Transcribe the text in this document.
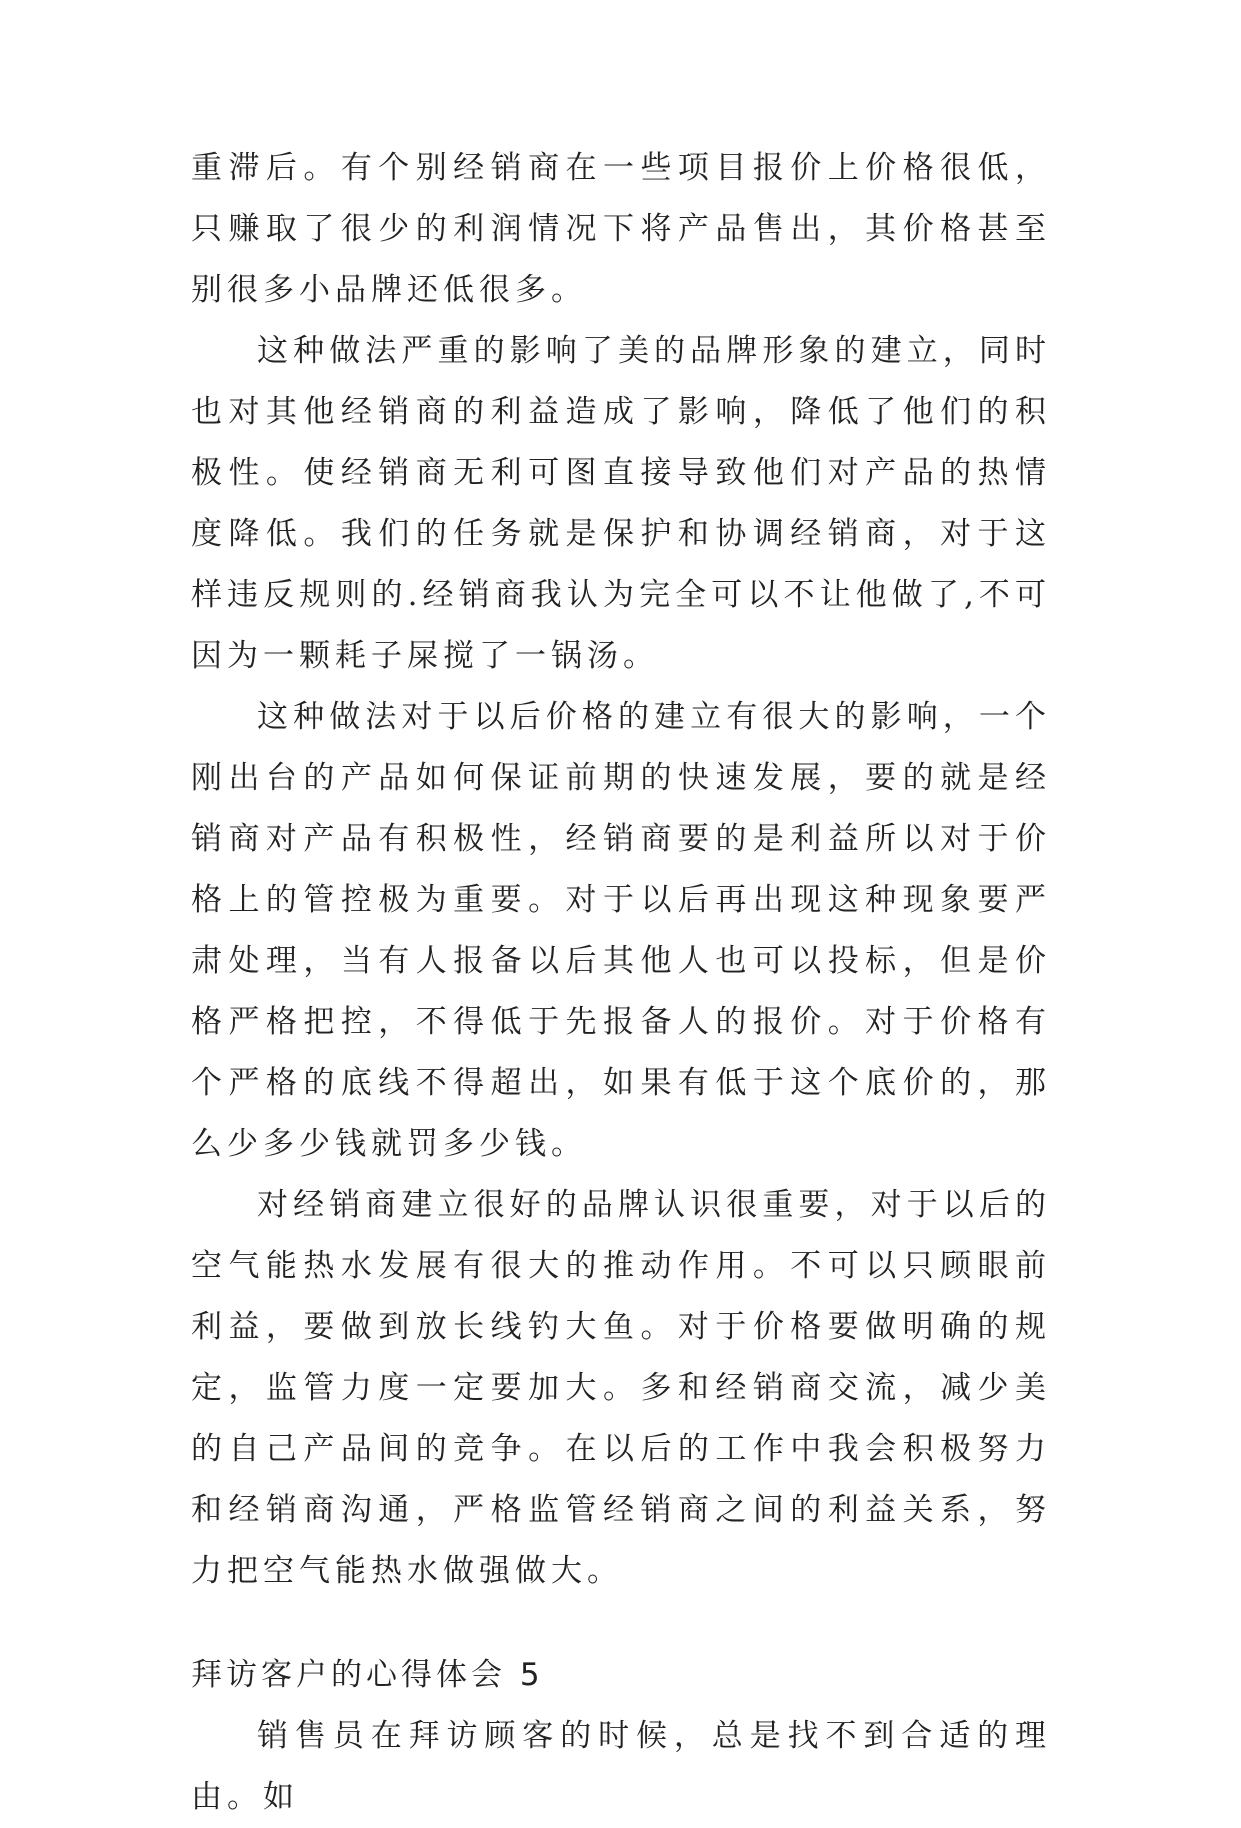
重滞后。有个别经销商在一些项目报价上价格很低，只赚取了很少的利润情况下将产品售出，其价格甚至别很多小品牌还低很多。

这种做法严重的影响了美的品牌形象的建立，同时也对其他经销商的利益造成了影响，降低了他们的积极性。使经销商无利可图直接导致他们对产品的热情度降低。我们的任务就是保护和协调经销商，对于这样违反规则的.经销商我认为完全可以不让他做了,不可因为一颗耗子屎搅了一锅汤。

这种做法对于以后价格的建立有很大的影响，一个刚出台的产品如何保证前期的快速发展，要的就是经销商对产品有积极性，经销商要的是利益所以对于价格上的管控极为重要。对于以后再出现这种现象要严肃处理，当有人报备以后其他人也可以投标，但是价格严格把控，不得低于先报备人的报价。对于价格有个严格的底线不得超出，如果有低于这个底价的，那么少多少钱就罚多少钱。

对经销商建立很好的品牌认识很重要，对于以后的空气能热水发展有很大的推动作用。不可以只顾眼前利益，要做到放长线钓大鱼。对于价格要做明确的规定，监管力度一定要加大。多和经销商交流，减少美的自己产品间的竞争。在以后的工作中我会积极努力和经销商沟通，严格监管经销商之间的利益关系，努力把空气能热水做强做大。

拜访客户的心得体会 5

销售员在拜访顾客的时候，总是找不到合适的理由。如
